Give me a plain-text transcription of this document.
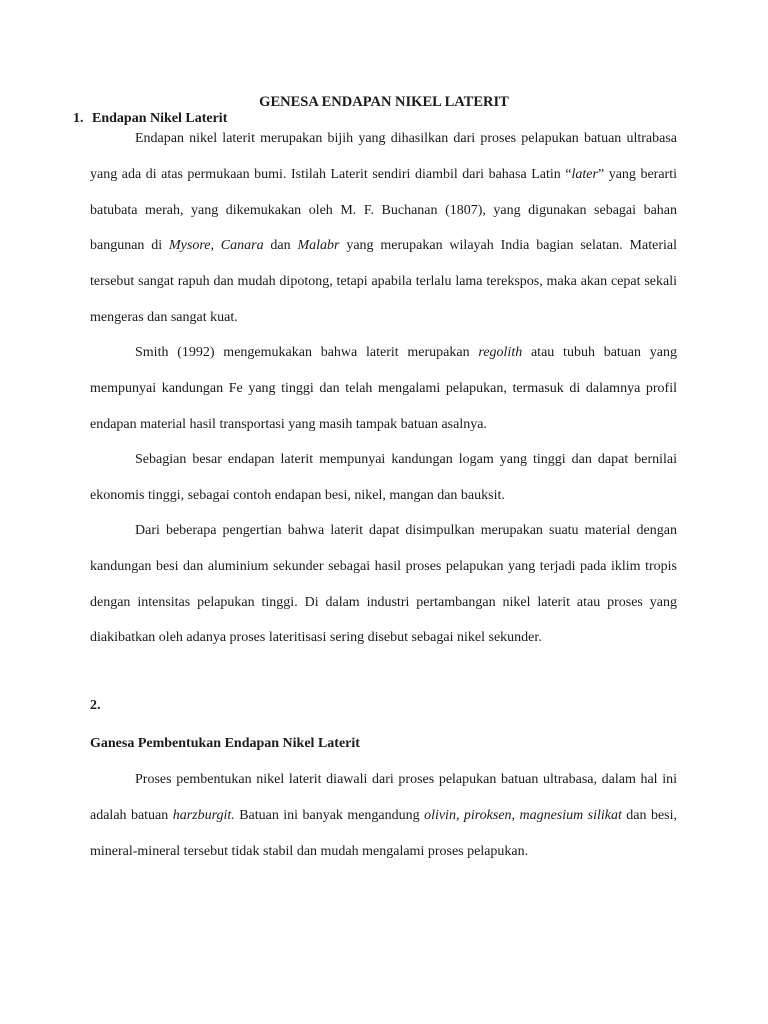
GENESA ENDAPAN NIKEL LATERIT
1. Endapan Nikel Laterit

Endapan nikel laterit merupakan bijih yang dihasilkan dari proses pelapukan batuan ultrabasa yang ada di atas permukaan bumi. Istilah Laterit sendiri diambil dari bahasa Latin “later” yang berarti batubata merah, yang dikemukakan oleh M. F. Buchanan (1807), yang digunakan sebagai bahan bangunan di Mysore, Canara dan Malabr yang merupakan wilayah India bagian selatan. Material tersebut sangat rapuh dan mudah dipotong, tetapi apabila terlalu lama terekspos, maka akan cepat sekali mengeras dan sangat kuat.

Smith (1992) mengemukakan bahwa laterit merupakan regolith atau tubuh batuan yang mempunyai kandungan Fe yang tinggi dan telah mengalami pelapukan, termasuk di dalamnya profil endapan material hasil transportasi yang masih tampak batuan asalnya.

Sebagian besar endapan laterit mempunyai kandungan logam yang tinggi dan dapat bernilai ekonomis tinggi, sebagai contoh endapan besi, nikel, mangan dan bauksit.

Dari beberapa pengertian bahwa laterit dapat disimpulkan merupakan suatu material dengan kandungan besi dan aluminium sekunder sebagai hasil proses pelapukan yang terjadi pada iklim tropis dengan intensitas pelapukan tinggi. Di dalam industri pertambangan nikel laterit atau proses yang diakibatkan oleh adanya proses lateritisasi sering disebut sebagai nikel sekunder.

2.
Ganesa Pembentukan Endapan Nikel Laterit

Proses pembentukan nikel laterit diawali dari proses pelapukan batuan ultrabasa, dalam hal ini adalah batuan harzburgit. Batuan ini banyak mengandung olivin, piroksen, magnesium silikat dan besi, mineral-mineral tersebut tidak stabil dan mudah mengalami proses pelapukan.
